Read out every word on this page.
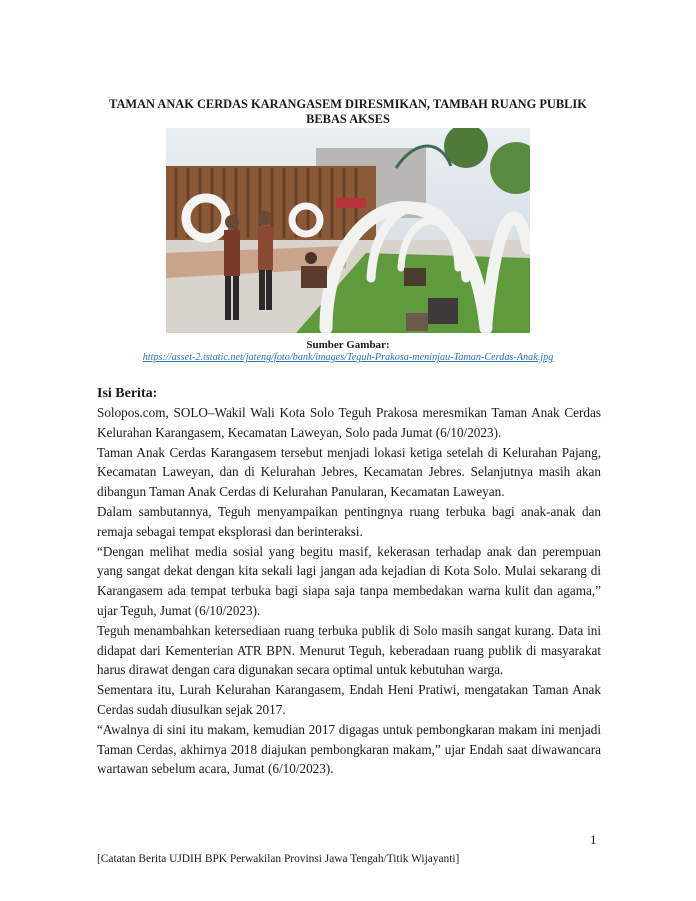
TAMAN ANAK CERDAS KARANGASEM DIRESMIKAN, TAMBAH RUANG PUBLIK BEBAS AKSES
Sumber Gambar:
https://asset-2.tstatic.net/jateng/foto/bank/images/Teguh-Prakosa-meninjau-Taman-Cerdas-Anak.jpg
Isi Berita:

Solopos.com, SOLO–Wakil Wali Kota Solo Teguh Prakosa meresmikan Taman Anak Cerdas Kelurahan Karangasem, Kecamatan Laweyan, Solo pada Jumat (6/10/2023).

Taman Anak Cerdas Karangasem tersebut menjadi lokasi ketiga setelah di Kelurahan Pajang, Kecamatan Laweyan, dan di Kelurahan Jebres, Kecamatan Jebres. Selanjutnya masih akan dibangun Taman Anak Cerdas di Kelurahan Panularan, Kecamatan Laweyan.

Dalam sambutannya, Teguh menyampaikan pentingnya ruang terbuka bagi anak-anak dan remaja sebagai tempat eksplorasi dan berinteraksi.

“Dengan melihat media sosial yang begitu masif, kekerasan terhadap anak dan perempuan yang sangat dekat dengan kita sekali lagi jangan ada kejadian di Kota Solo. Mulai sekarang di Karangasem ada tempat terbuka bagi siapa saja tanpa membedakan warna kulit dan agama,” ujar Teguh, Jumat (6/10/2023).

Teguh menambahkan ketersediaan ruang terbuka publik di Solo masih sangat kurang. Data ini didapat dari Kementerian ATR BPN. Menurut Teguh, keberadaan ruang publik di masyarakat harus dirawat dengan cara digunakan secara optimal untuk kebutuhan warga.

Sementara itu, Lurah Kelurahan Karangasem, Endah Heni Pratiwi, mengatakan Taman Anak Cerdas sudah diusulkan sejak 2017.

“Awalnya di sini itu makam, kemudian 2017 digagas untuk pembongkaran makam ini menjadi Taman Cerdas, akhirnya 2018 diajukan pembongkaran makam,” ujar Endah saat diwawancara wartawan sebelum acara, Jumat (6/10/2023).

1
[Catatan Berita UJDIH BPK Perwakilan Provinsi Jawa Tengah/Titik Wijayanti]
